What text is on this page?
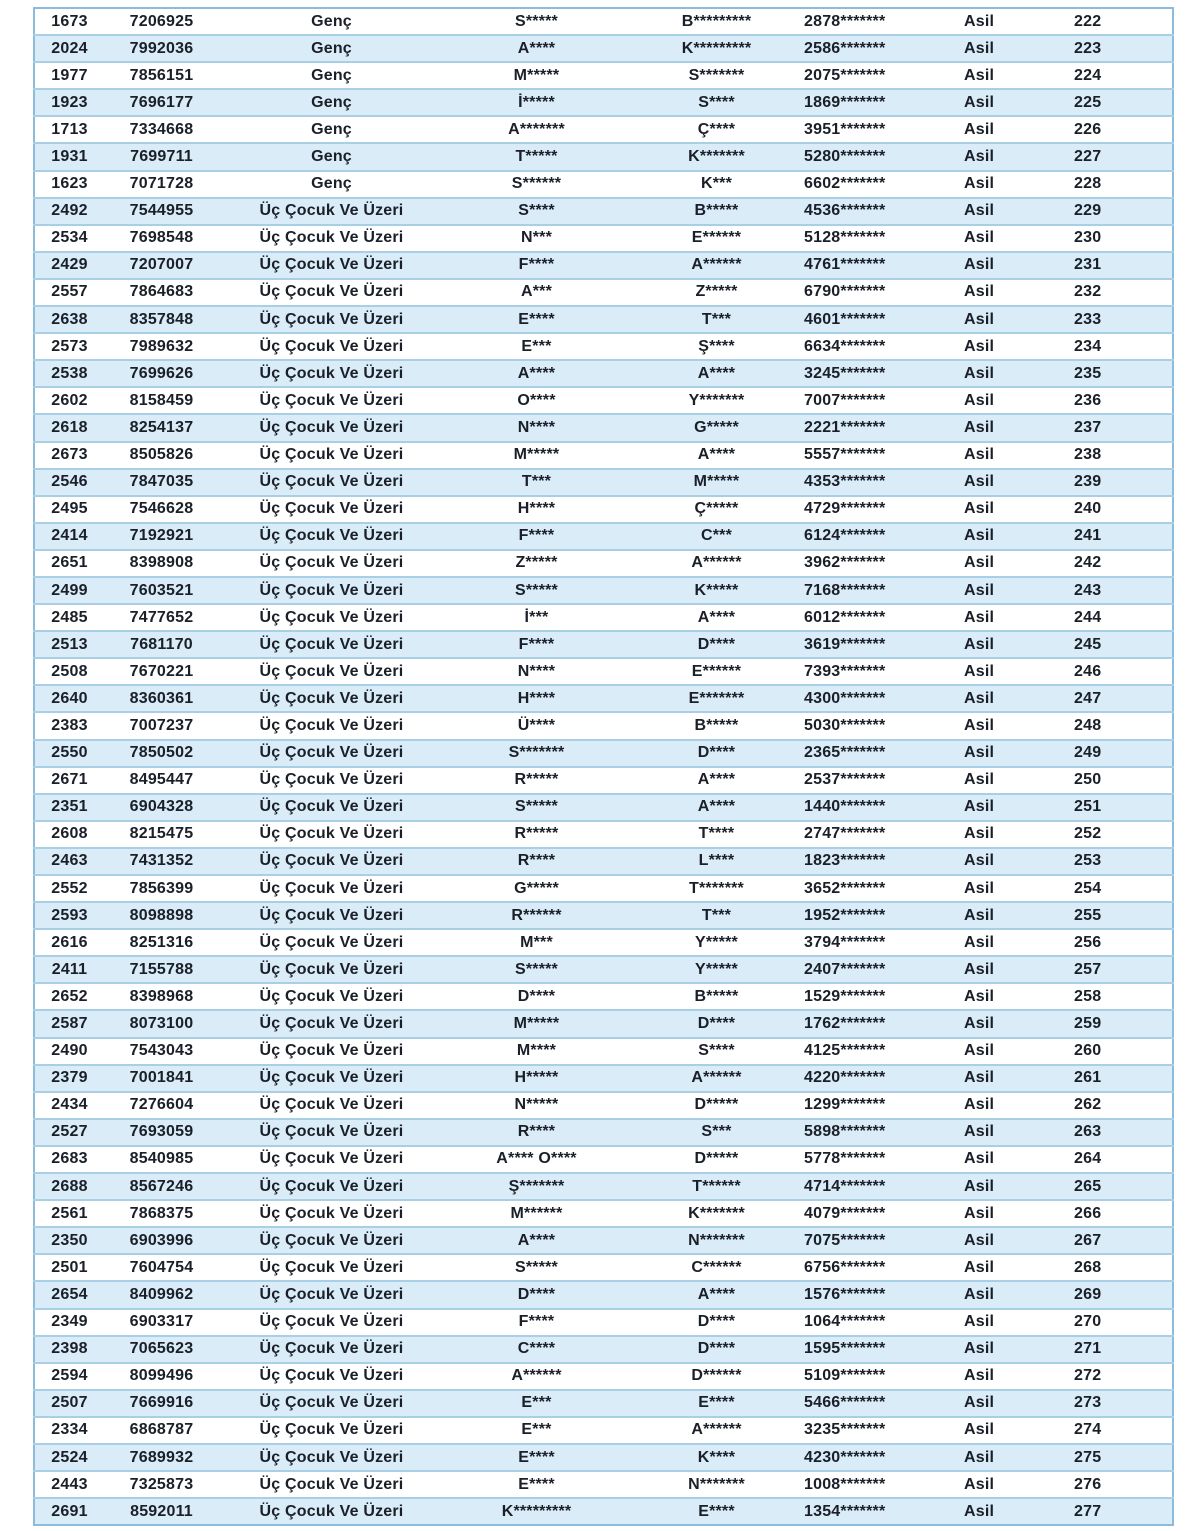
1673	7206925	Genç	S*****	B*********	2878*******	Asil	222
2024	7992036	Genç	A****	K*********	2586*******	Asil	223
1977	7856151	Genç	M*****	S*******	2075*******	Asil	224
1923	7696177	Genç	İ*****	S****	1869*******	Asil	225
1713	7334668	Genç	A*******	Ç****	3951*******	Asil	226
1931	7699711	Genç	T*****	K*******	5280*******	Asil	227
1623	7071728	Genç	S******	K***	6602*******	Asil	228
2492	7544955	Üç Çocuk Ve Üzeri	S****	B*****	4536*******	Asil	229
2534	7698548	Üç Çocuk Ve Üzeri	N***	E******	5128*******	Asil	230
2429	7207007	Üç Çocuk Ve Üzeri	F****	A******	4761*******	Asil	231
2557	7864683	Üç Çocuk Ve Üzeri	A***	Z*****	6790*******	Asil	232
2638	8357848	Üç Çocuk Ve Üzeri	E****	T***	4601*******	Asil	233
2573	7989632	Üç Çocuk Ve Üzeri	E***	Ş****	6634*******	Asil	234
2538	7699626	Üç Çocuk Ve Üzeri	A****	A****	3245*******	Asil	235
2602	8158459	Üç Çocuk Ve Üzeri	O****	Y*******	7007*******	Asil	236
2618	8254137	Üç Çocuk Ve Üzeri	N****	G*****	2221*******	Asil	237
2673	8505826	Üç Çocuk Ve Üzeri	M*****	A****	5557*******	Asil	238
2546	7847035	Üç Çocuk Ve Üzeri	T***	M*****	4353*******	Asil	239
2495	7546628	Üç Çocuk Ve Üzeri	H****	Ç*****	4729*******	Asil	240
2414	7192921	Üç Çocuk Ve Üzeri	F****	C***	6124*******	Asil	241
2651	8398908	Üç Çocuk Ve Üzeri	Z*****	A******	3962*******	Asil	242
2499	7603521	Üç Çocuk Ve Üzeri	S*****	K*****	7168*******	Asil	243
2485	7477652	Üç Çocuk Ve Üzeri	İ***	A****	6012*******	Asil	244
2513	7681170	Üç Çocuk Ve Üzeri	F****	D****	3619*******	Asil	245
2508	7670221	Üç Çocuk Ve Üzeri	N****	E******	7393*******	Asil	246
2640	8360361	Üç Çocuk Ve Üzeri	H****	E*******	4300*******	Asil	247
2383	7007237	Üç Çocuk Ve Üzeri	Ü****	B*****	5030*******	Asil	248
2550	7850502	Üç Çocuk Ve Üzeri	S*******	D****	2365*******	Asil	249
2671	8495447	Üç Çocuk Ve Üzeri	R*****	A****	2537*******	Asil	250
2351	6904328	Üç Çocuk Ve Üzeri	S*****	A****	1440*******	Asil	251
2608	8215475	Üç Çocuk Ve Üzeri	R*****	T****	2747*******	Asil	252
2463	7431352	Üç Çocuk Ve Üzeri	R****	L****	1823*******	Asil	253
2552	7856399	Üç Çocuk Ve Üzeri	G*****	T*******	3652*******	Asil	254
2593	8098898	Üç Çocuk Ve Üzeri	R******	T***	1952*******	Asil	255
2616	8251316	Üç Çocuk Ve Üzeri	M***	Y*****	3794*******	Asil	256
2411	7155788	Üç Çocuk Ve Üzeri	S*****	Y*****	2407*******	Asil	257
2652	8398968	Üç Çocuk Ve Üzeri	D****	B*****	1529*******	Asil	258
2587	8073100	Üç Çocuk Ve Üzeri	M*****	D****	1762*******	Asil	259
2490	7543043	Üç Çocuk Ve Üzeri	M****	S****	4125*******	Asil	260
2379	7001841	Üç Çocuk Ve Üzeri	H*****	A******	4220*******	Asil	261
2434	7276604	Üç Çocuk Ve Üzeri	N*****	D*****	1299*******	Asil	262
2527	7693059	Üç Çocuk Ve Üzeri	R****	S***	5898*******	Asil	263
2683	8540985	Üç Çocuk Ve Üzeri	A**** O****	D*****	5778*******	Asil	264
2688	8567246	Üç Çocuk Ve Üzeri	Ş*******	T******	4714*******	Asil	265
2561	7868375	Üç Çocuk Ve Üzeri	M******	K*******	4079*******	Asil	266
2350	6903996	Üç Çocuk Ve Üzeri	A****	N*******	7075*******	Asil	267
2501	7604754	Üç Çocuk Ve Üzeri	S*****	C******	6756*******	Asil	268
2654	8409962	Üç Çocuk Ve Üzeri	D****	A****	1576*******	Asil	269
2349	6903317	Üç Çocuk Ve Üzeri	F****	D****	1064*******	Asil	270
2398	7065623	Üç Çocuk Ve Üzeri	C****	D****	1595*******	Asil	271
2594	8099496	Üç Çocuk Ve Üzeri	A******	D******	5109*******	Asil	272
2507	7669916	Üç Çocuk Ve Üzeri	E***	E****	5466*******	Asil	273
2334	6868787	Üç Çocuk Ve Üzeri	E***	A******	3235*******	Asil	274
2524	7689932	Üç Çocuk Ve Üzeri	E****	K****	4230*******	Asil	275
2443	7325873	Üç Çocuk Ve Üzeri	E****	N*******	1008*******	Asil	276
2691	8592011	Üç Çocuk Ve Üzeri	K*********	E****	1354*******	Asil	277
